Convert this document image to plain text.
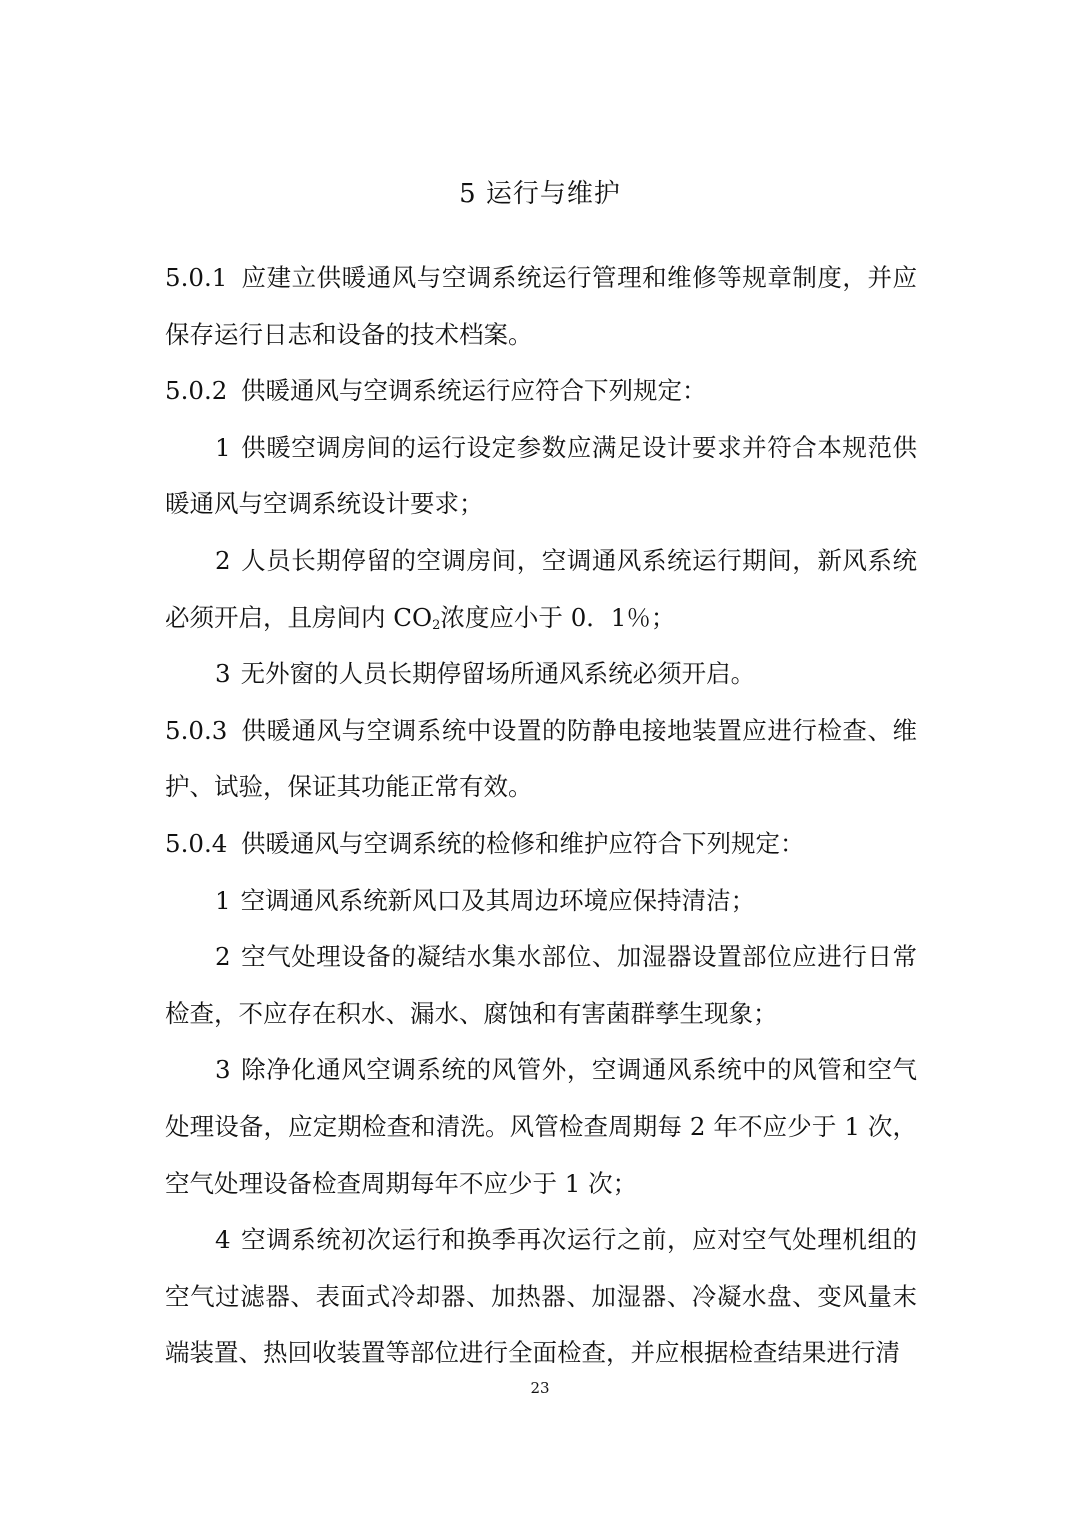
5 运行与维护

5.0.1 应建立供暖通风与空调系统运行管理和维修等规章制度，并应保存运行日志和设备的技术档案。

5.0.2 供暖通风与空调系统运行应符合下列规定：

1 供暖空调房间的运行设定参数应满足设计要求并符合本规范供暖通风与空调系统设计要求；

2 人员长期停留的空调房间，空调通风系统运行期间，新风系统必须开启，且房间内 $CO_2$浓度应小于 0．1％；

3 无外窗的人员长期停留场所通风系统必须开启。

5.0.3 供暖通风与空调系统中设置的防静电接地装置应进行检查、维护、试验，保证其功能正常有效。

5.0.4 供暖通风与空调系统的检修和维护应符合下列规定：

1 空调通风系统新风口及其周边环境应保持清洁；

2 空气处理设备的凝结水集水部位、加湿器设置部位应进行日常检查，不应存在积水、漏水、腐蚀和有害菌群孳生现象；

3 除净化通风空调系统的风管外，空调通风系统中的风管和空气处理设备，应定期检查和清洗。风管检查周期每 2 年不应少于 1 次，空气处理设备检查周期每年不应少于 1 次；

4 空调系统初次运行和换季再次运行之前，应对空气处理机组的空气过滤器、表面式冷却器、加热器、加湿器、冷凝水盘、变风量末端装置、热回收装置等部位进行全面检查，并应根据检查结果进行清

23
